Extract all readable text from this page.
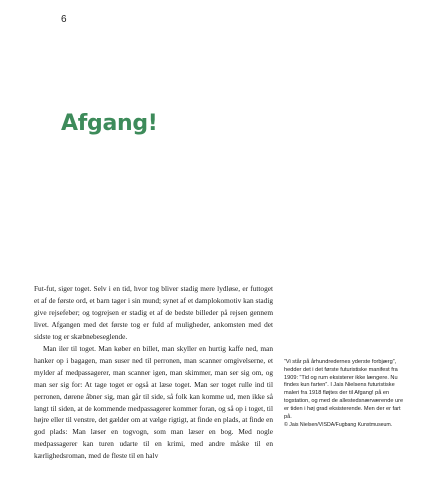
6
Afgang!

Fut-fut, siger toget. Selv i en tid, hvor tog bliver stadig mere lydløse, er futtoget et af de første ord, et barn tager i sin mund; synet af et damplokomotiv kan stadig give rejsefeber; og togrejsen er stadig et af de bedste billeder på rejsen gennem livet. Afgangen med det første tog er fuld af muligheder, ankomsten med det sidste tog er skæbnebeseglende.

Man iler til toget. Man køber en billet, man skyller en hurtig kaffe ned, man hanker op i bagagen, man suser ned til perronen, man scanner omgivelserne, et mylder af medpassagerer, man scanner igen, man skimmer, man ser sig om, og man ser sig for: At tage toget er også at læse toget. Man ser toget rulle ind til perronen, dørene åbner sig, man går til side, så folk kan komme ud, men ikke så langt til siden, at de kommende medpassagerer kommer foran, og så op i toget, til højre eller til venstre, det gælder om at vælge rigtigt, at finde en plads, at finde en god plads: Man læser en togvogn, som man læser en bog. Med nogle medpassagerer kan turen udarte til en krimi, med andre måske til en kærlighedsroman, med de fleste til en halv

“Vi står på århundredernes yderste forbjærg”, hedder det i det første futuristiske manifest fra 1909: “Tid og rum eksisterer ikke længere. Nu findes kun farten”. I Jais Nielsens futuristiske maleri fra 1918 ﬂøjtes der til Afgang! på en togstation, og med de allestedsnærværende ure er tiden i høj grad eksisterende. Men der er fart på.

© Jais Nielsen/VISDA/Fugbang Kunstmuseum.
